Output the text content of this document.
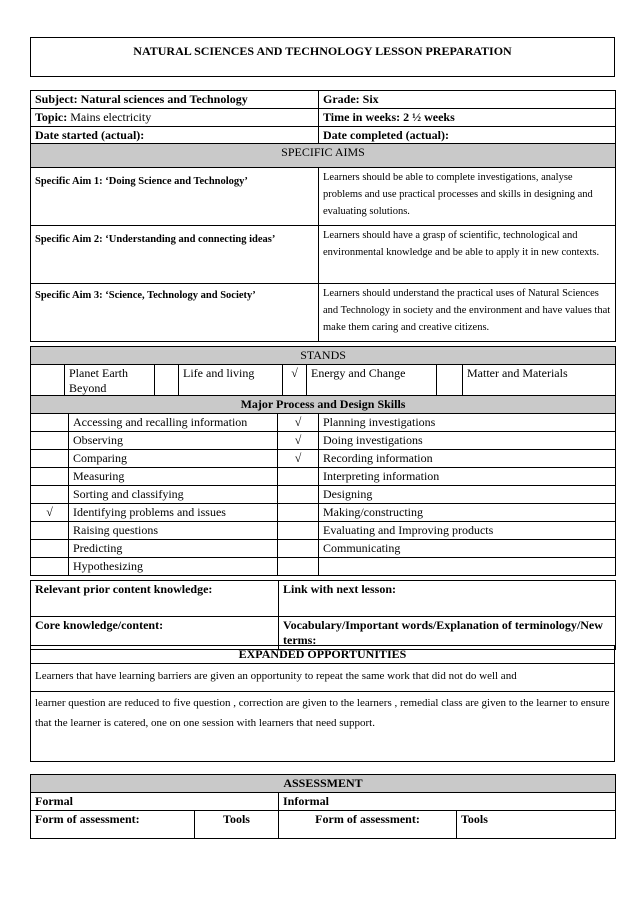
NATURAL SCIENCES AND TECHNOLOGY LESSON PREPARATION
Subject: Natural sciences and Technology	Grade: Six
Topic: Mains electricity	Time in weeks: 2 ½ weeks
Date started (actual):	Date completed (actual):
SPECIFIC AIMS	
Specific Aim 1: ‘Doing Science and Technology’	Learners should be able to complete investigations, analyse problems and use practical processes and skills in designing and evaluating solutions.
Specific Aim 2: ‘Understanding and connecting ideas’	Learners should have a grasp of scientific, technological and environmental knowledge and be able to apply it in new contexts.
Specific Aim 3: ‘Science, Technology and Society’	Learners should understand the practical uses of Natural Sciences and Technology in society and the environment and have values that make them caring and creative citizens.
STANDS
	Planet Earth Beyond		Life and living	√	Energy and Change		Matter and Materials
Major Process and Design Skills			
	Accessing and recalling information	√	Planning investigations
	Observing	√	Doing investigations
	Comparing	√	Recording information
	Measuring		Interpreting information
	Sorting and classifying		Designing
√	Identifying problems and issues		Making/constructing
	Raising questions		Evaluating and Improving products
	Predicting		Communicating
	Hypothesizing		
Relevant prior content knowledge:	Link with next lesson:
Core knowledge/content:	Vocabulary/Important words/Explanation of terminology/New terms:
EXPANDED OPPORTUNITIES
Learners that have learning barriers are given an opportunity to repeat the same work that did not do well and
learner question are reduced to five question , correction are given to the learners , remedial class are given to the learner to ensure that the learner is catered, one on one session with learners that need support.
ASSESSMENT			
Formal		Informal	
Form of assessment:	Tools	Form of assessment:	Tools
